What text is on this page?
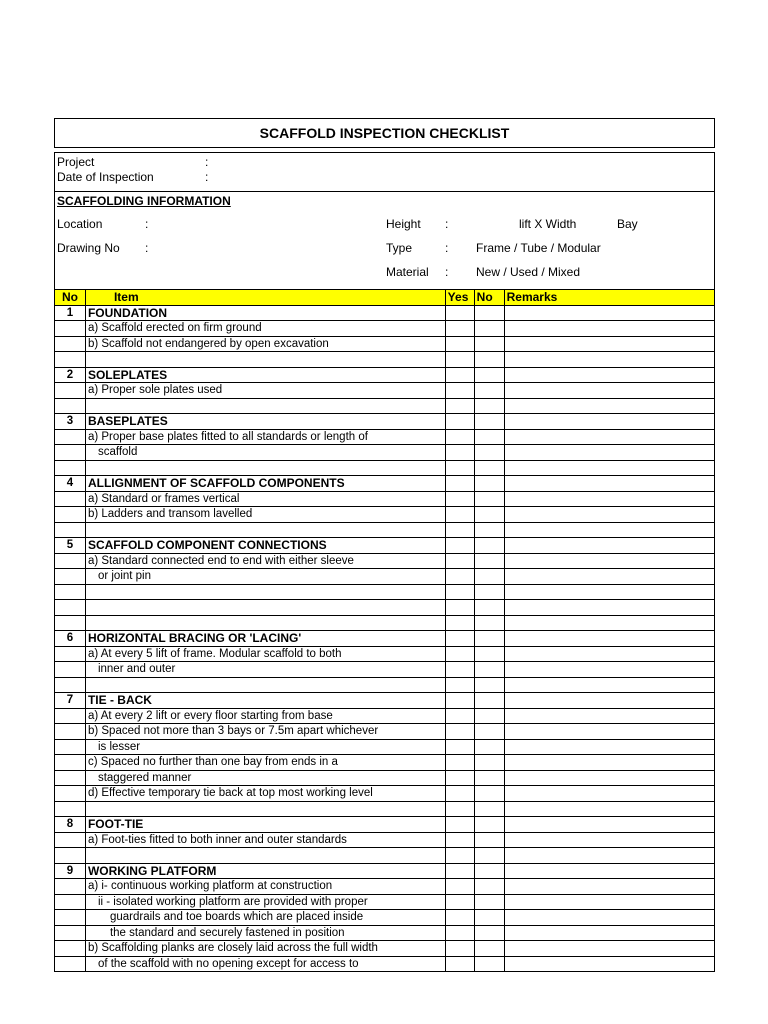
SCAFFOLD INSPECTION CHECKLIST
Project	:
Date of Inspection	:
SCAFFOLDING INFORMATION
Location	:	Height :	lift X Width	Bay
Drawing No :	Type	: Frame / Tube / Modular
Material : New / Used / Mixed
No	Item	Yes	No	Remarks
1	FOUNDATION			
	a) Scaffold erected on firm ground			
	b) Scaffold not endangered by open excavation			

2	SOLEPLATES			
	a) Proper sole plates used			

3	BASEPLATES			
	a) Proper base plates fitted to all standards or length of			
	scaffold			

4	ALLIGNMENT OF SCAFFOLD COMPONENTS			
	a) Standard or frames vertical			
	b) Ladders and transom lavelled			

5	SCAFFOLD COMPONENT CONNECTIONS			
	a) Standard connected end to end with either sleeve			
	or joint pin			

6	HORIZONTAL BRACING OR 'LACING'			
	a) At every 5 lift of frame. Modular scaffold to both			
	inner and outer			

7	TIE - BACK			
	a) At every 2 lift or every floor starting from base			
	b) Spaced not more than 3 bays or 7.5m apart whichever			
	is lesser			
	c) Spaced no further than one bay from ends in a			
	staggered manner			
	d) Effective temporary tie back at top most working level			

8	FOOT-TIE			
	a) Foot-ties fitted to both inner and outer standards			

9	WORKING PLATFORM			
	a) i- continuous working platform at construction			
	ii - isolated working platform are provided with proper			
	guardrails and toe boards which are placed inside			
	the standard and securely fastened in position			
	b) Scaffolding planks are closely laid across the full width			
	of the scaffold with no opening except for access to			
